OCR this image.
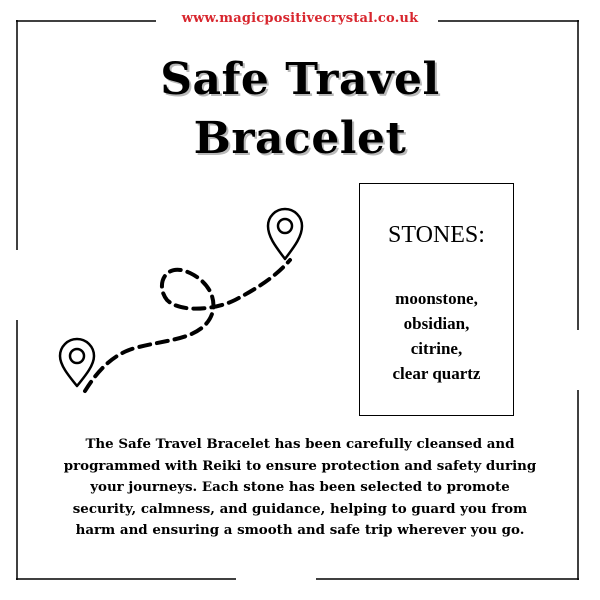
www.magicpositivecrystal.co.uk
Safe Travel
Bracelet
STONES:
moonstone,
obsidian,
citrine,
clear quartz
The Safe Travel Bracelet has been carefully cleansed and
programmed with Reiki to ensure protection and safety during
your journeys. Each stone has been selected to promote
security, calmness, and guidance, helping to guard you from
harm and ensuring a smooth and safe trip wherever you go.
